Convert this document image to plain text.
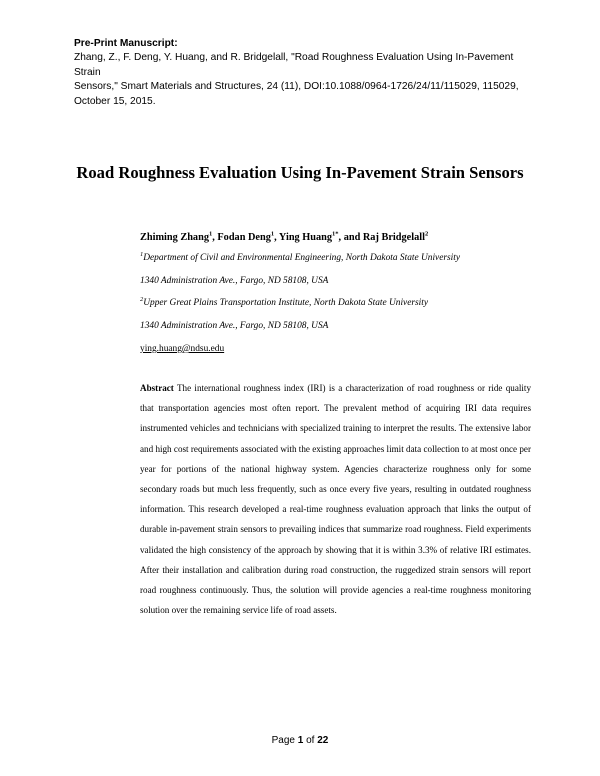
Pre-Print Manuscript:
Zhang, Z., F. Deng, Y. Huang, and R. Bridgelall, "Road Roughness Evaluation Using In-Pavement Strain
Sensors," Smart Materials and Structures, 24 (11), DOI:10.1088/0964-1726/24/11/115029, 115029,
October 15, 2015.
Road Roughness Evaluation Using In-Pavement Strain Sensors
Zhiming Zhang$^1$, Fodan Deng$^1$, Ying Huang$^{1*}$, and Raj Bridgelall$^2$
$^1$Department of Civil and Environmental Engineering, North Dakota State University
1340 Administration Ave., Fargo, ND 58108, USA
$^2$Upper Great Plains Transportation Institute, North Dakota State University
1340 Administration Ave., Fargo, ND 58108, USA
ying.huang@ndsu.edu
Abstract The international roughness index (IRI) is a characterization of road roughness or ride quality that transportation agencies most often report. The prevalent method of acquiring IRI data requires instrumented vehicles and technicians with specialized training to interpret the results. The extensive labor and high cost requirements associated with the existing approaches limit data collection to at most once per year for portions of the national highway system. Agencies characterize roughness only for some secondary roads but much less frequently, such as once every five years, resulting in outdated roughness information. This research developed a real-time roughness evaluation approach that links the output of durable in-pavement strain sensors to prevailing indices that summarize road roughness. Field experiments validated the high consistency of the approach by showing that it is within 3.3% of relative IRI estimates. After their installation and calibration during road construction, the ruggedized strain sensors will report road roughness continuously. Thus, the solution will provide agencies a real-time roughness monitoring solution over the remaining service life of road assets.
Page 1 of 22
